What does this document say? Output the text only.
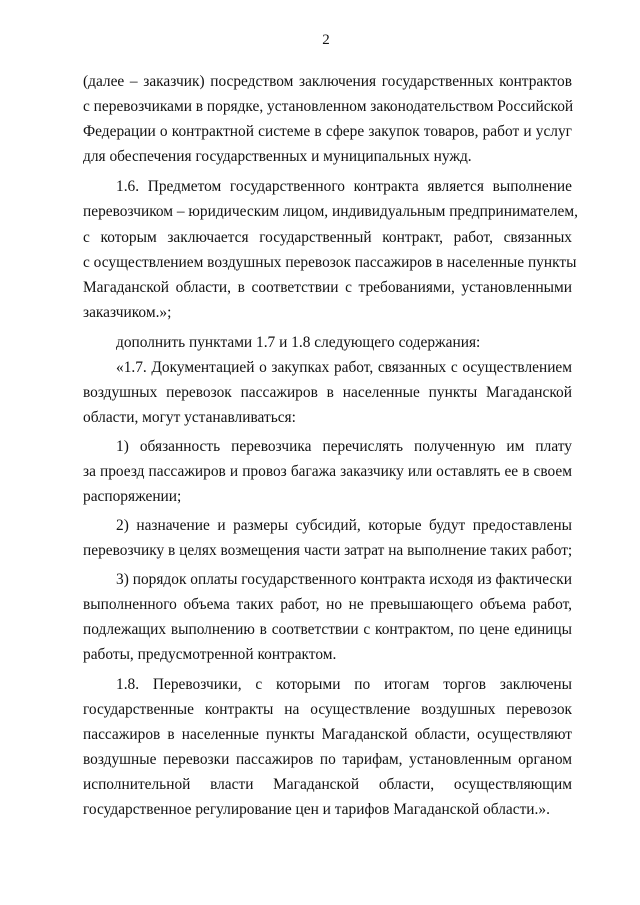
2
(далее – заказчик) посредством заключения государственных контрактов
с перевозчиками в порядке, установленном законодательством Российской
Федерации о контрактной системе в сфере закупок товаров, работ и услуг
для обеспечения государственных и муниципальных нужд.
1.6. Предметом государственного контракта является выполнение
перевозчиком – юридическим лицом, индивидуальным предпринимателем,
с которым заключается государственный контракт, работ, связанных
с осуществлением воздушных перевозок пассажиров в населенные пункты
Магаданской области, в соответствии с требованиями, установленными
заказчиком.»;
дополнить пунктами 1.7 и 1.8 следующего содержания:
«1.7. Документацией о закупках работ, связанных с осуществлением
воздушных перевозок пассажиров в населенные пункты Магаданской
области, могут устанавливаться:
1) обязанность перевозчика перечислять полученную им плату
за проезд пассажиров и провоз багажа заказчику или оставлять ее в своем
распоряжении;
2) назначение и размеры субсидий, которые будут предоставлены
перевозчику в целях возмещения части затрат на выполнение таких работ;
3) порядок оплаты государственного контракта исходя из фактически
выполненного объема таких работ, но не превышающего объема работ,
подлежащих выполнению в соответствии с контрактом, по цене единицы
работы, предусмотренной контрактом.
1.8. Перевозчики, с которыми по итогам торгов заключены
государственные контракты на осуществление воздушных перевозок
пассажиров в населенные пункты Магаданской области, осуществляют
воздушные перевозки пассажиров по тарифам, установленным органом
исполнительной власти Магаданской области, осуществляющим
государственное регулирование цен и тарифов Магаданской области.».
